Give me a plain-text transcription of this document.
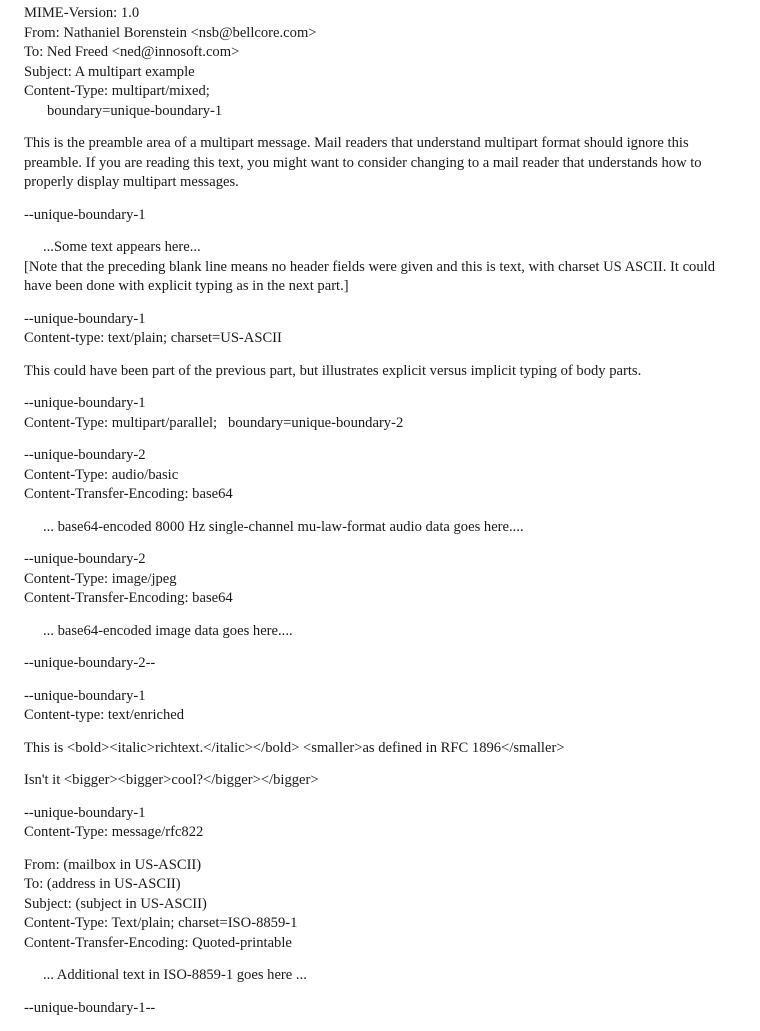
MIME-Version: 1.0
From: Nathaniel Borenstein <nsb@bellcore.com>
To: Ned Freed <ned@innosoft.com>
Subject: A multipart example
Content-Type: multipart/mixed;
boundary=unique-boundary-1
This is the preamble area of a multipart message. Mail readers that understand multipart format should ignore this preamble. If you are reading this text, you might want to consider changing to a mail reader that understands how to properly display multipart messages.
--unique-boundary-1
...Some text appears here...
[Note that the preceding blank line means no header fields were given and this is text, with charset US ASCII. It could have been done with explicit typing as in the next part.]
--unique-boundary-1
Content-type: text/plain; charset=US-ASCII
This could have been part of the previous part, but illustrates explicit versus implicit typing of body parts.
--unique-boundary-1
Content-Type: multipart/parallel;   boundary=unique-boundary-2
--unique-boundary-2
Content-Type: audio/basic
Content-Transfer-Encoding: base64
... base64-encoded 8000 Hz single-channel mu-law-format audio data goes here....
--unique-boundary-2
Content-Type: image/jpeg
Content-Transfer-Encoding: base64
... base64-encoded image data goes here....
--unique-boundary-2--
--unique-boundary-1
Content-type: text/enriched
This is <bold><italic>richtext.</italic></bold> <smaller>as defined in RFC 1896</smaller>
Isn't it <bigger><bigger>cool?</bigger></bigger>
--unique-boundary-1
Content-Type: message/rfc822
From: (mailbox in US-ASCII)
To: (address in US-ASCII)
Subject: (subject in US-ASCII)
Content-Type: Text/plain; charset=ISO-8859-1
Content-Transfer-Encoding: Quoted-printable
... Additional text in ISO-8859-1 goes here ...
--unique-boundary-1--
